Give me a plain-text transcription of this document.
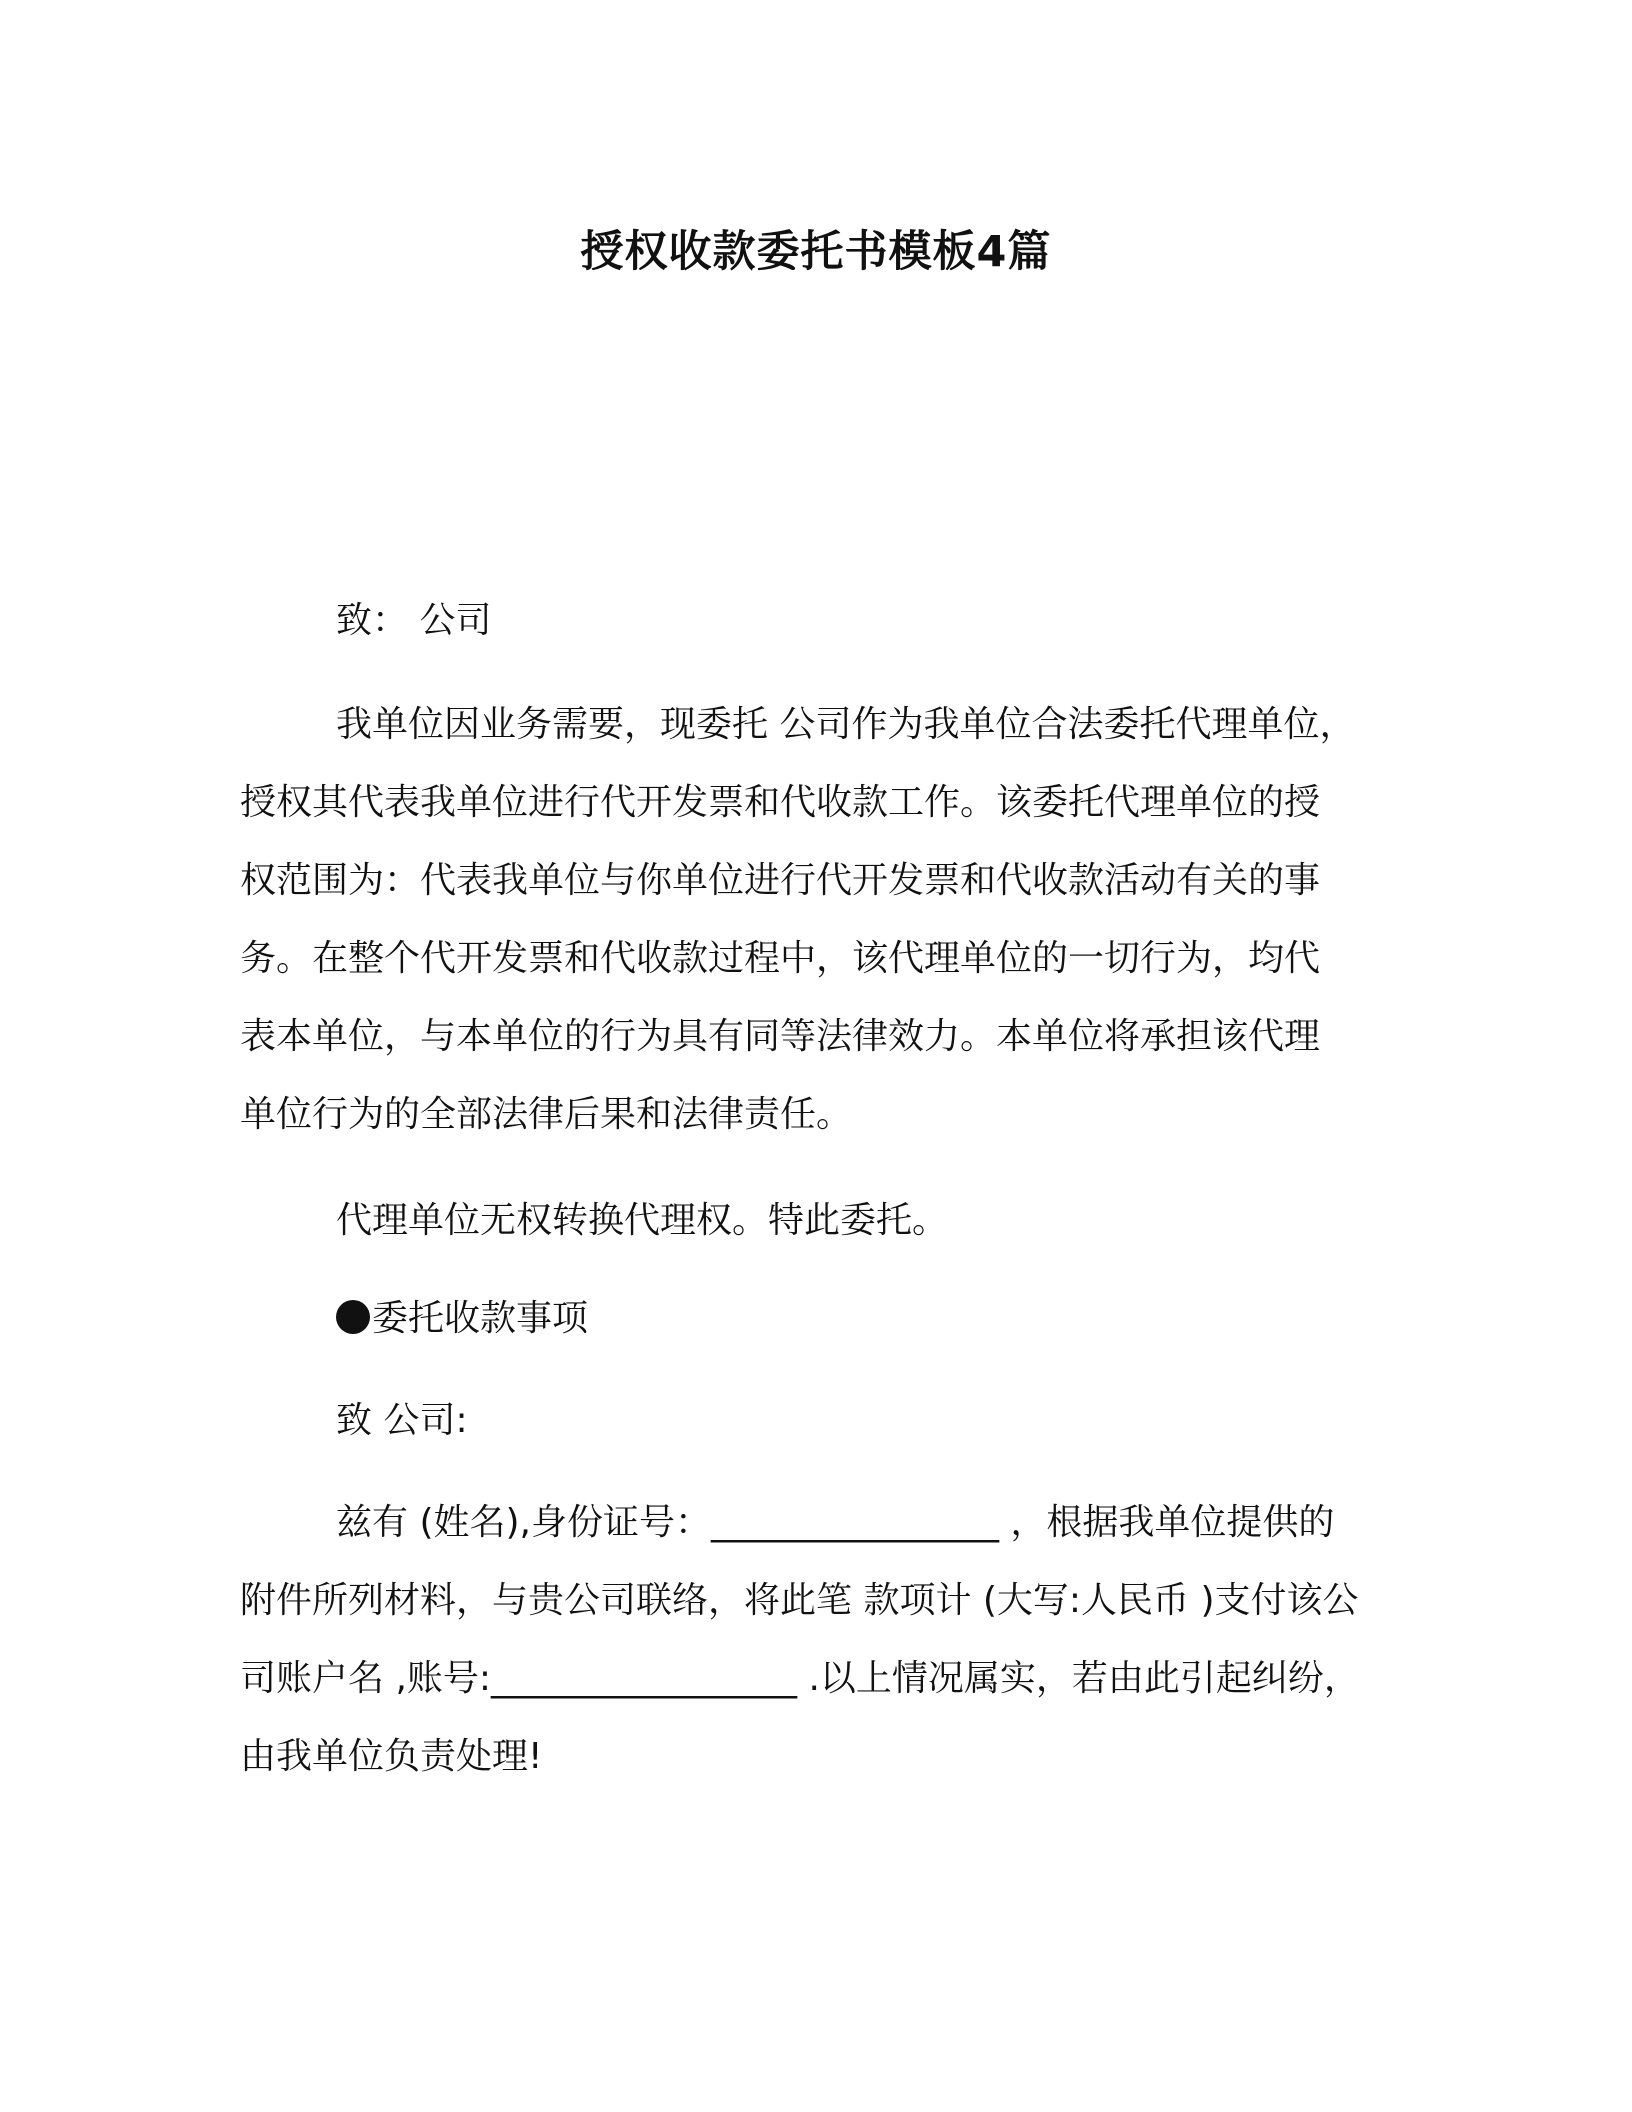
授权收款委托书模板4篇
致： 公司
我单位因业务需要，现委托 公司作为我单位合法委托代理单位，
授权其代表我单位进行代开发票和代收款工作。该委托代理单位的授
权范围为：代表我单位与你单位进行代开发票和代收款活动有关的事
务。在整个代开发票和代收款过程中，该代理单位的一切行为，均代
表本单位，与本单位的行为具有同等法律效力。本单位将承担该代理
单位行为的全部法律后果和法律责任。
代理单位无权转换代理权。特此委托。
委托收款事项
致 公司:
兹有 (姓名),身份证号：________________ ，根据我单位提供的
附件所列材料，与贵公司联络，将此笔 款项计 (大写:人民币 )支付该公
司账户名 ,账号:_________________ .以上情况属实，若由此引起纠纷，
由我单位负责处理!
